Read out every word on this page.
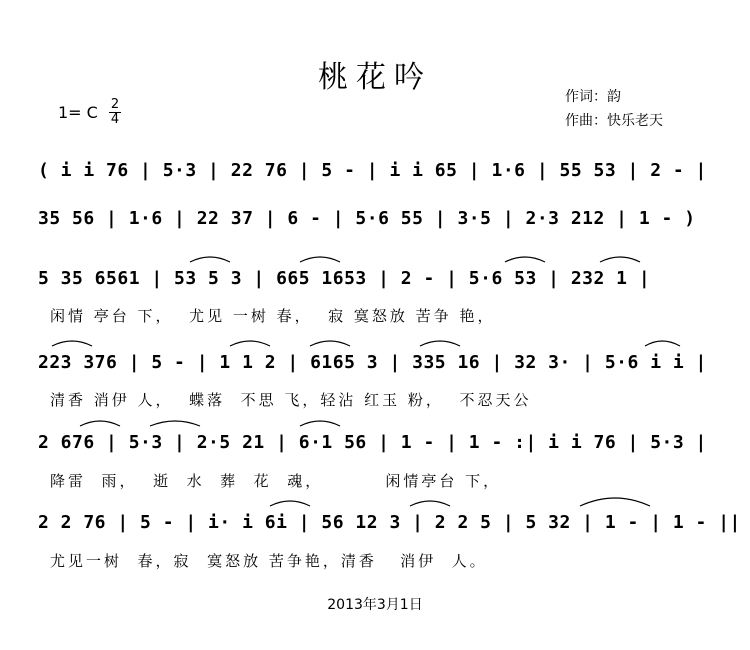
桃花吟
1= C 2
4
作词：韵
作曲：快乐老天
( i i 76 | 5·3 | 22 76 | 5 - | i i 65 | 1·6 | 55 53 | 2 - |
35 56 | 1·6 | 22 37 | 6 - | 5·6 55 | 3·5 | 2·3 212 | 1 - )
5 35 6561 | 53 5 3 | 665 1653 | 2 - | 5·6 53 | 232 1 |
闲情 亭台 下，  尤见 一树 春，  寂 寞怒放 苦争 艳，
223 376 | 5 - | 1 1 2 | 6165 3 | 335 16 | 32 3· | 5·6 i i |
清香 消伊 人，  蝶落  不思 飞，轻沾 红玉 粉，  不忍天公
2 676 | 5·3 | 2·5 21 | 6·1 56 | 1 - | 1 - :| i i 76 | 5·3 |
降雷  雨，  逝  水  葬  花  魂，        闲情亭台 下，
2 2 76 | 5 - | i· i 6i | 56 12 3 | 2 2 5 | 5 32 | 1 - | 1 - ||
尤见一树  春，寂  寞怒放 苦争艳，清香   消伊  人。
2013年3月1日
